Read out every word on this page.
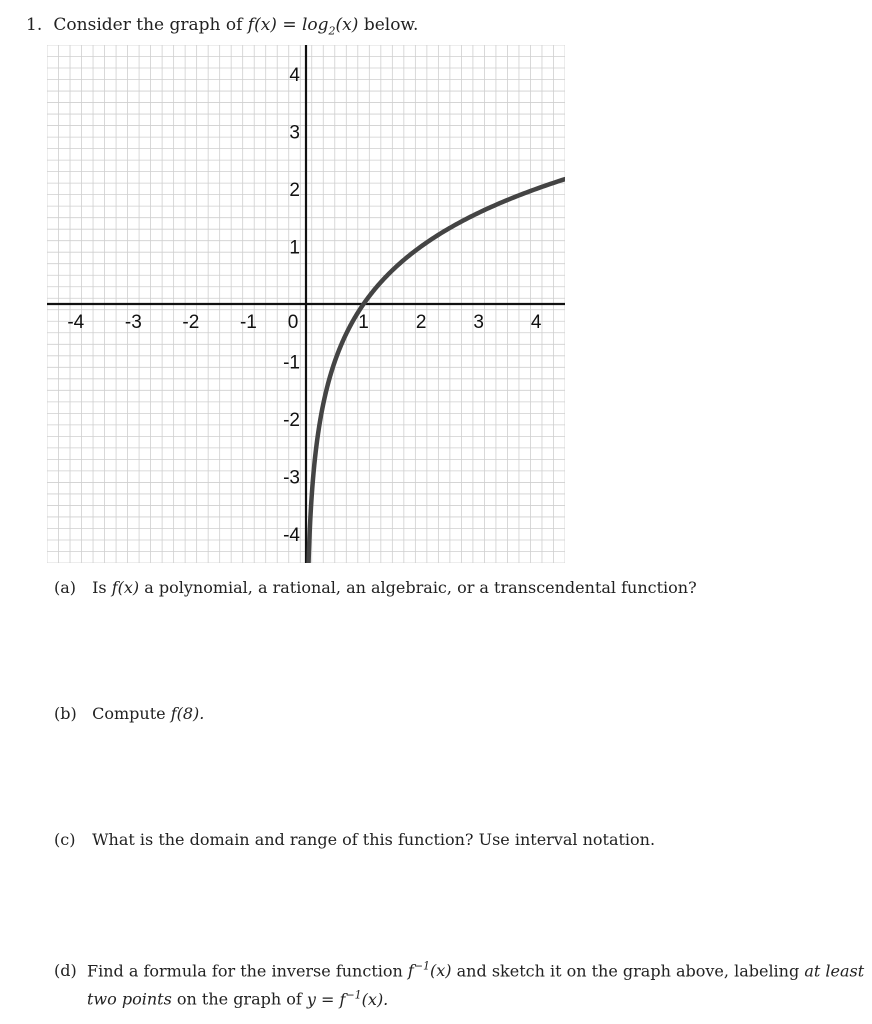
1. Consider the graph of $f(x) = \log_2(x)$ below.
-4 -3 -2 -1 0	1 2 3 4
4
3
2
1
-1
-2
-3
-4
(a) Is f(x) a polynomial, a rational, an algebraic, or a transcendental function?
(b) Compute f(8).
(c) What is the domain and range of this function? Use interval notation.
(d) Find a formula for the inverse function $f^{-1}(x)$ and sketch it on the graph above, labeling at least
two points on the graph of $y = f^{-1}(x)$.
